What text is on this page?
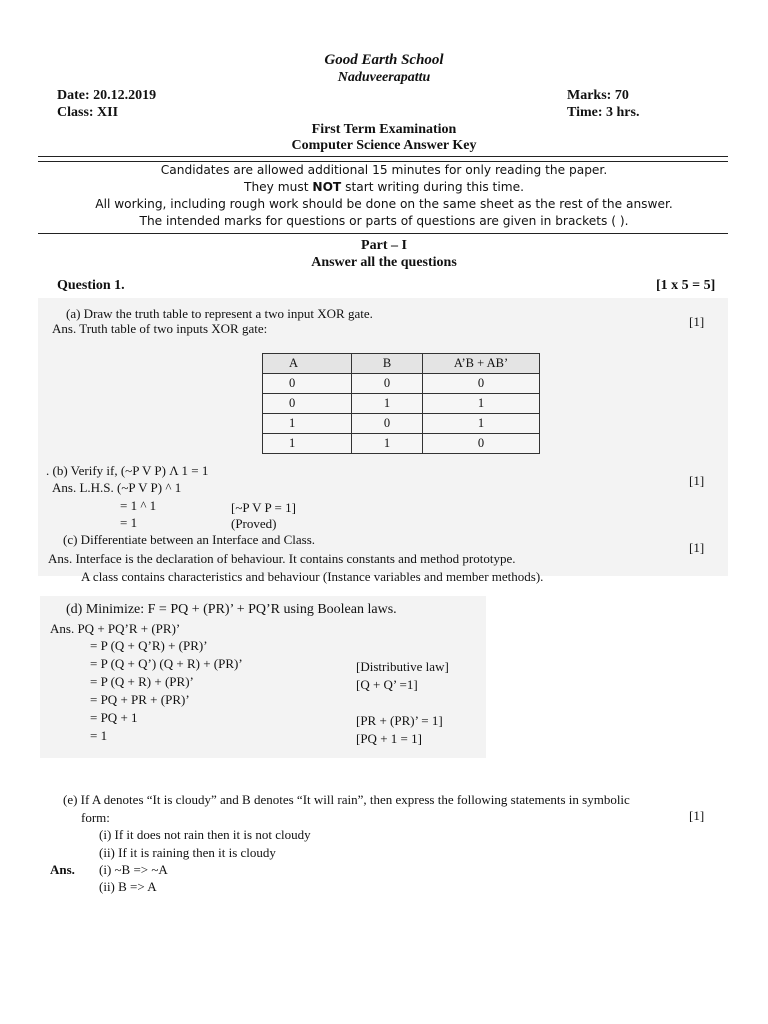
Good Earth School
Naduveerapattu
Date: 20.12.2019	Marks: 70
Class: XII	Time: 3 hrs.
First Term Examination
Computer Science Answer Key
Candidates are allowed additional 15 minutes for only reading the paper.
They must NOT start writing during this time.
All working, including rough work should be done on the same sheet as the rest of the answer.
The intended marks for questions or parts of questions are given in brackets ( ).
Part – I
Answer all the questions
Question 1.	[1 x 5 = 5]
(a) Draw the truth table to represent a two input XOR gate.
[1]
Ans. Truth table of two inputs XOR gate:
A	B	A’B + AB’
0	0	0
0	1	1
1	0	1
1	1	0
. (b) Verify if, (~P V P) Λ 1 = 1
[1]
Ans. L.H.S. (~P V P) ^ 1
= 1 ^ 1	[~P V P = 1]
= 1	(Proved)
(c) Differentiate between an Interface and Class.
[1]
Ans. Interface is the declaration of behaviour. It contains constants and method prototype.
A class contains characteristics and behaviour (Instance variables and member methods).
(d) Minimize: F = PQ + (PR)’ + PQ’R using Boolean laws.
Ans. PQ + PQ’R + (PR)’
= P (Q + Q’R) + (PR)’
= P (Q + Q’) (Q + R) + (PR)’	[Distributive law]
= P (Q + R) + (PR)’	[Q + Q’ =1]
= PQ + PR + (PR)’
= PQ + 1	[PR + (PR)’ = 1]
= 1	[PQ + 1 = 1]
(e) If A denotes “It is cloudy” and B denotes “It will rain”, then express the following statements in symbolic
form:	[1]
(i) If it does not rain then it is not cloudy
(ii) If it is raining then it is cloudy
Ans. (i) ~B => ~A
(ii) B => A
